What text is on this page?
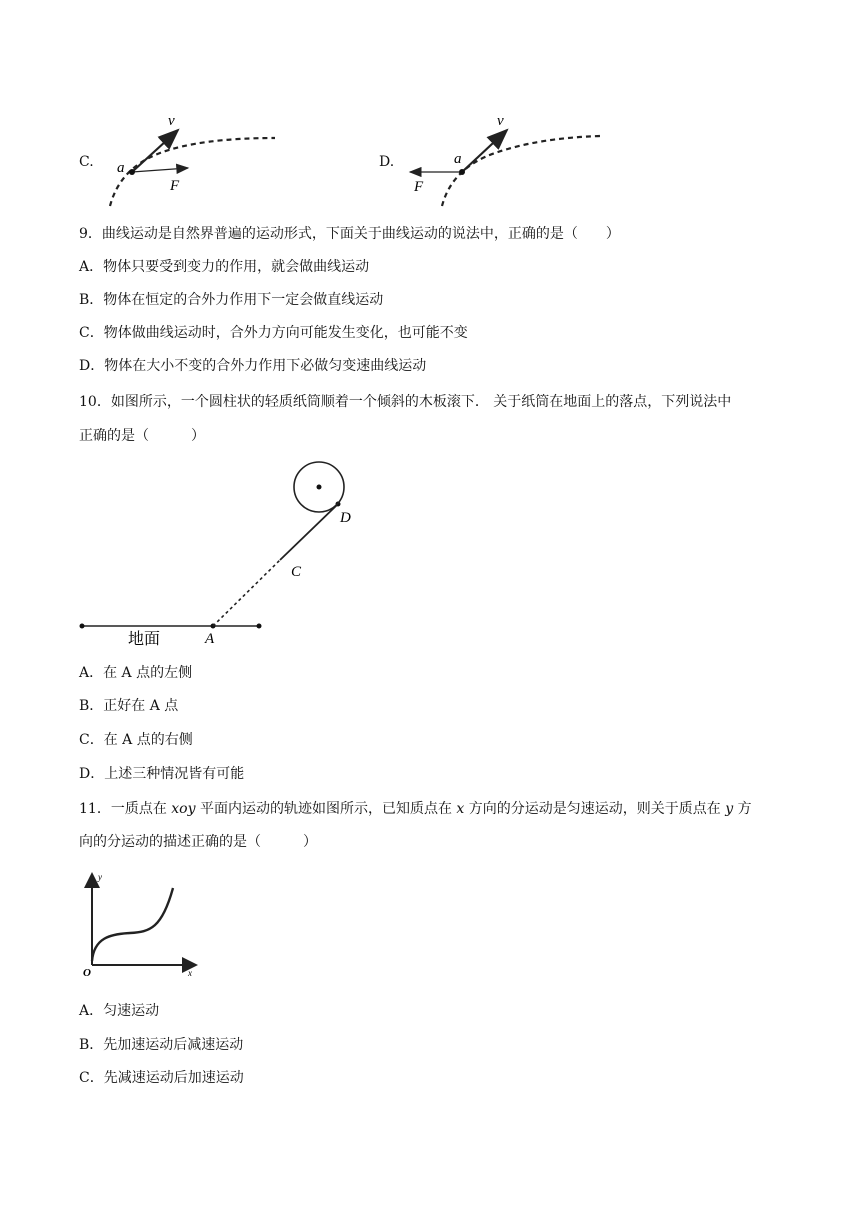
C. a
v
F
D.	a
v
F
9．曲线运动是自然界普遍的运动形式，下面关于曲线运动的说法中，正确的是（　　）
A．物体只要受到变力的作用，就会做曲线运动
B．物体在恒定的合外力作用下一定会做直线运动
C．物体做曲线运动时，合外力方向可能发生变化，也可能不变
D．物体在大小不变的合外力作用下必做匀变速曲线运动
10．如图所示，一个圆柱状的轻质纸筒顺着一个倾斜的木板滚下． 关于纸筒在地面上的落点，下列说法中
正确的是（　　　）
地面	A
C
D
A．在 A 点的左侧
B．正好在 A 点
C．在 A 点的右侧
D．上述三种情况皆有可能
11．一质点在 xoy 平面内运动的轨迹如图所示，已知质点在 x 方向的分运动是匀速运动，则关于质点在 y 方
向的分运动的描述正确的是（　　　）
y
x
O
A．匀速运动
B．先加速运动后减速运动
C．先减速运动后加速运动
